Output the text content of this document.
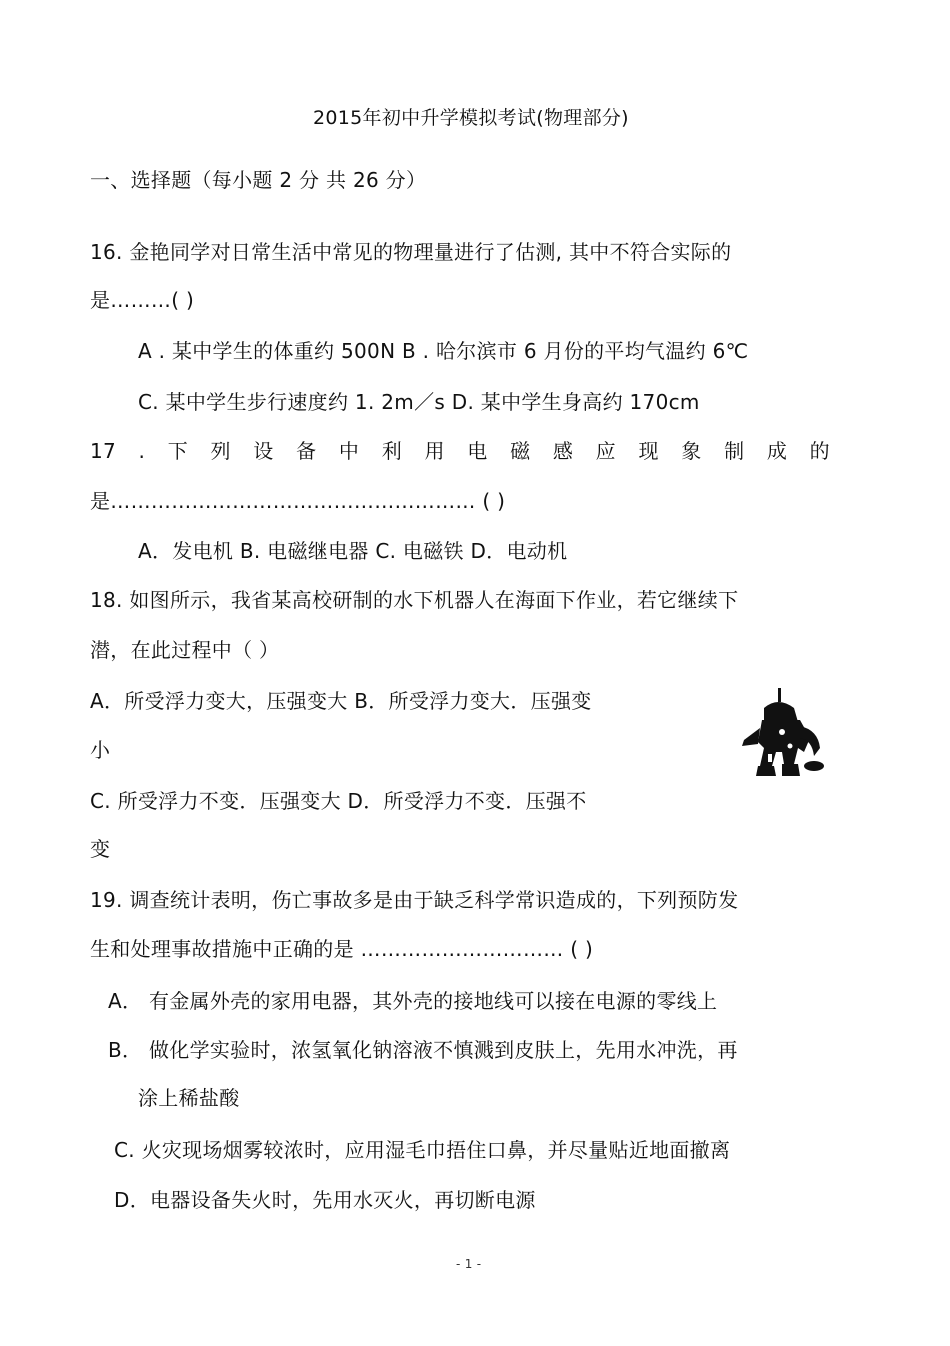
2015年初中升学模拟考试(物理部分)
一、选择题（每小题 2 分 共 26 分）
16. 金艳同学对日常生活中常见的物理量进行了估测, 其中不符合实际的
是………( )
A . 某中学生的体重约 500N B . 哈尔滨市 6 月份的平均气温约 6℃
C. 某中学生步行速度约 1. 2m／s D. 某中学生身高约 170cm
17 . 下 列 设 备 中 利 用 电 磁 感 应 现 象 制 成 的
是……………………………………………… ( )
A．发电机 B. 电磁继电器 C. 电磁铁 D．电动机
18. 如图所示，我省某高校研制的水下机器人在海面下作业，若它继续下
潜，在此过程中（ ）
A．所受浮力变大，压强变大 B．所受浮力变大．压强变
小
C. 所受浮力不变．压强变大 D．所受浮力不变．压强不
变
19. 调查统计表明，伤亡事故多是由于缺乏科学常识造成的，下列预防发
生和处理事故措施中正确的是 ………………………… ( )
A． 有金属外壳的家用电器，其外壳的接地线可以接在电源的零线上
B． 做化学实验时，浓氢氧化钠溶液不慎溅到皮肤上，先用水冲洗，再
涂上稀盐酸
C. 火灾现场烟雾较浓时，应用湿毛巾捂住口鼻，并尽量贴近地面撤离
D．电器设备失火时，先用水灭火，再切断电源
- 1 -
